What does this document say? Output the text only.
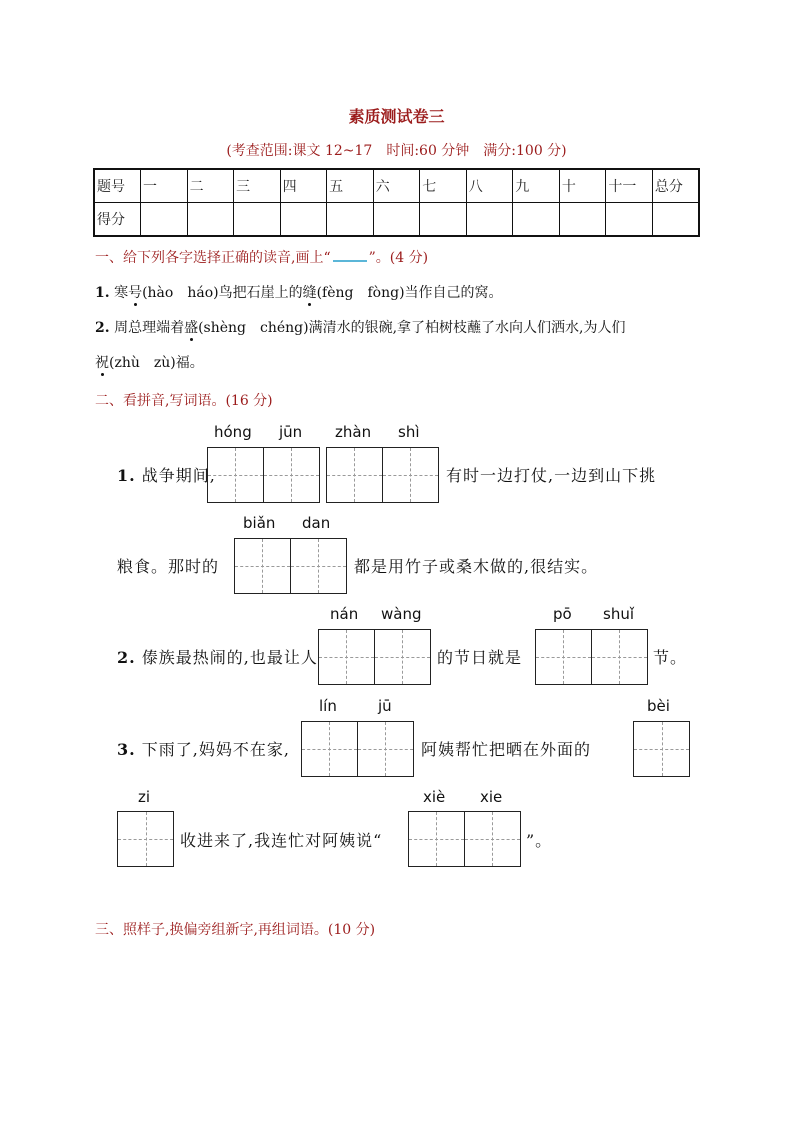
素质测试卷三
(考查范围:课文 12~17　时间:60 分钟　满分:100 分)
题号	一	二	三	四	五	六	七	八	九	十	十一	总分
得分												
一、给下列各字选择正确的读音,画上“	”。(4 分)
1. 寒号(hào　háo)鸟把石崖上的缝(fèng　fòng)当作自己的窝。
2. 周总理端着盛(shèng　chéng)满清水的银碗,拿了柏树枝蘸了水向人们洒水,为人们
祝(zhù　zù)福。
二、看拼音,写词语。(16 分)
hóng jūn zhàn shì
1. 战争期间,	有时一边打仗,一边到山下挑
biǎn dan
粮食。那时的	都是用竹子或桑木做的,很结实。
nán wàng	pō shuǐ
2. 傣族最热闹的,也最让人	的节日就是	节。
lín	jū	bèi
3. 下雨了,妈妈不在家,	阿姨帮忙把晒在外面的
zi	xiè xie
收进来了,我连忙对阿姨说“	”。
三、照样子,换偏旁组新字,再组词语。(10 分)
